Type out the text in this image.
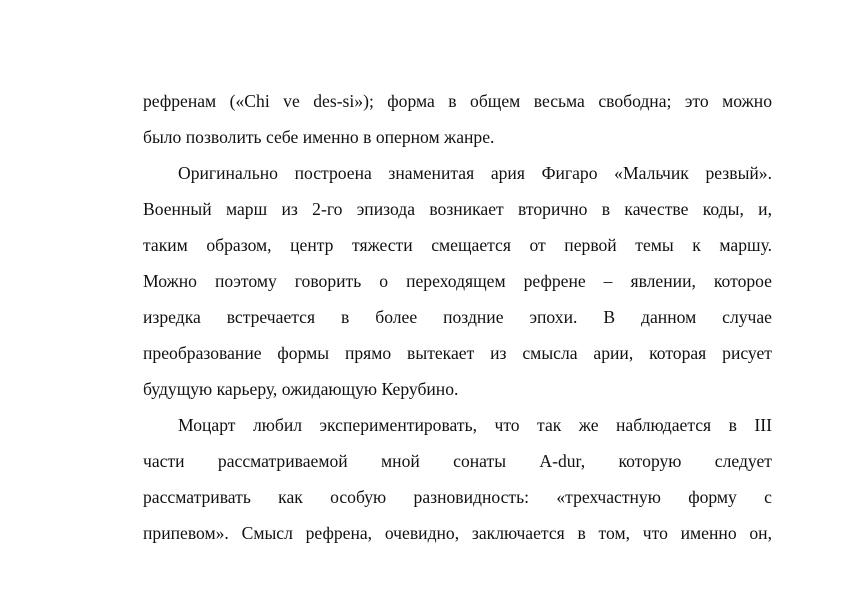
рефренам («Chi ve des-si»); форма в общем весьма свободна; это можно
было позволить себе именно в оперном жанре.
Оригинально построена знаменитая ария Фигаро «Мальчик резвый».
Военный марш из 2-го эпизода возникает вторично в качестве коды, и,
таким образом, центр тяжести смещается от первой темы к маршу.
Можно поэтому говорить о переходящем рефрене – явлении, которое
изредка встречается в более поздние эпохи. В данном случае
преобразование формы прямо вытекает из смысла арии, которая рисует
будущую карьеру, ожидающую Керубино.
Моцарт любил экспериментировать, что так же наблюдается в III
части рассматриваемой мной сонаты A-dur, которую следует
рассматривать как особую разновидность: «трехчастную форму с
припевом». Смысл рефрена, очевидно, заключается в том, что именно он,
